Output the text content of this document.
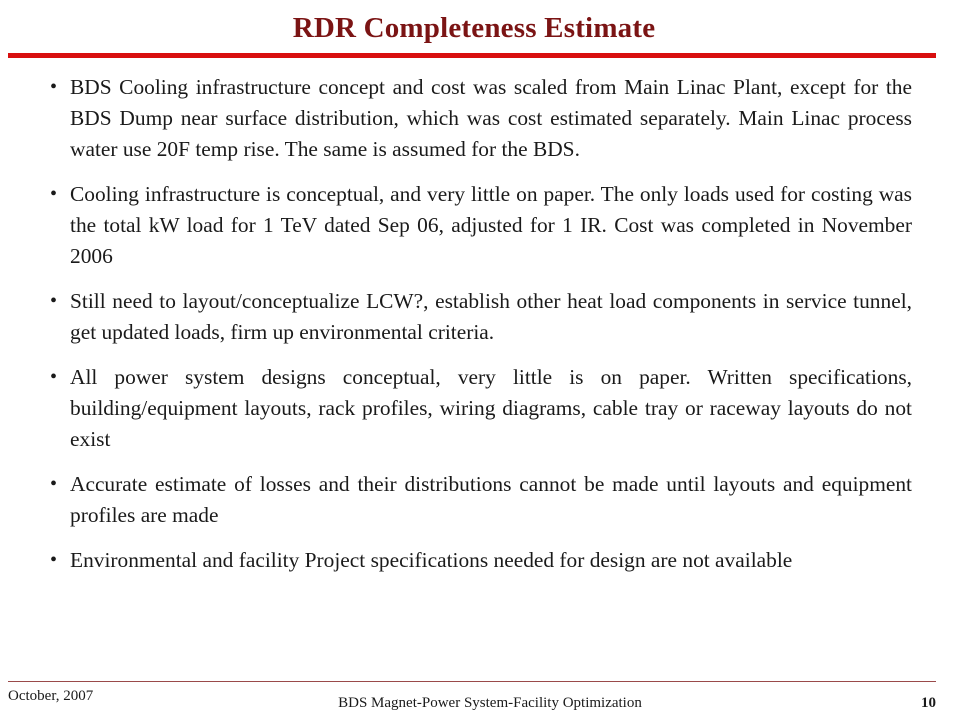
RDR Completeness Estimate
• BDS Cooling infrastructure concept and cost was scaled from Main Linac Plant, except for the BDS Dump near surface distribution, which was cost estimated separately. Main Linac process water use 20F temp rise. The same is assumed for the BDS.
• Cooling infrastructure is conceptual, and very little on paper. The only loads used for costing was the total kW load for 1 TeV dated Sep 06, adjusted for 1 IR. Cost was completed in November 2006
• Still need to layout/conceptualize LCW?, establish other heat load components in service tunnel, get updated loads, firm up environmental criteria.
• All power system designs conceptual, very little is on paper. Written specifications, building/equipment layouts, rack profiles, wiring diagrams, cable tray or raceway layouts do not exist
• Accurate estimate of losses and their distributions cannot be made until layouts and equipment profiles are made
• Environmental and facility Project specifications needed for design are not available
October, 2007	BDS Magnet-Power System-Facility Optimization	10
